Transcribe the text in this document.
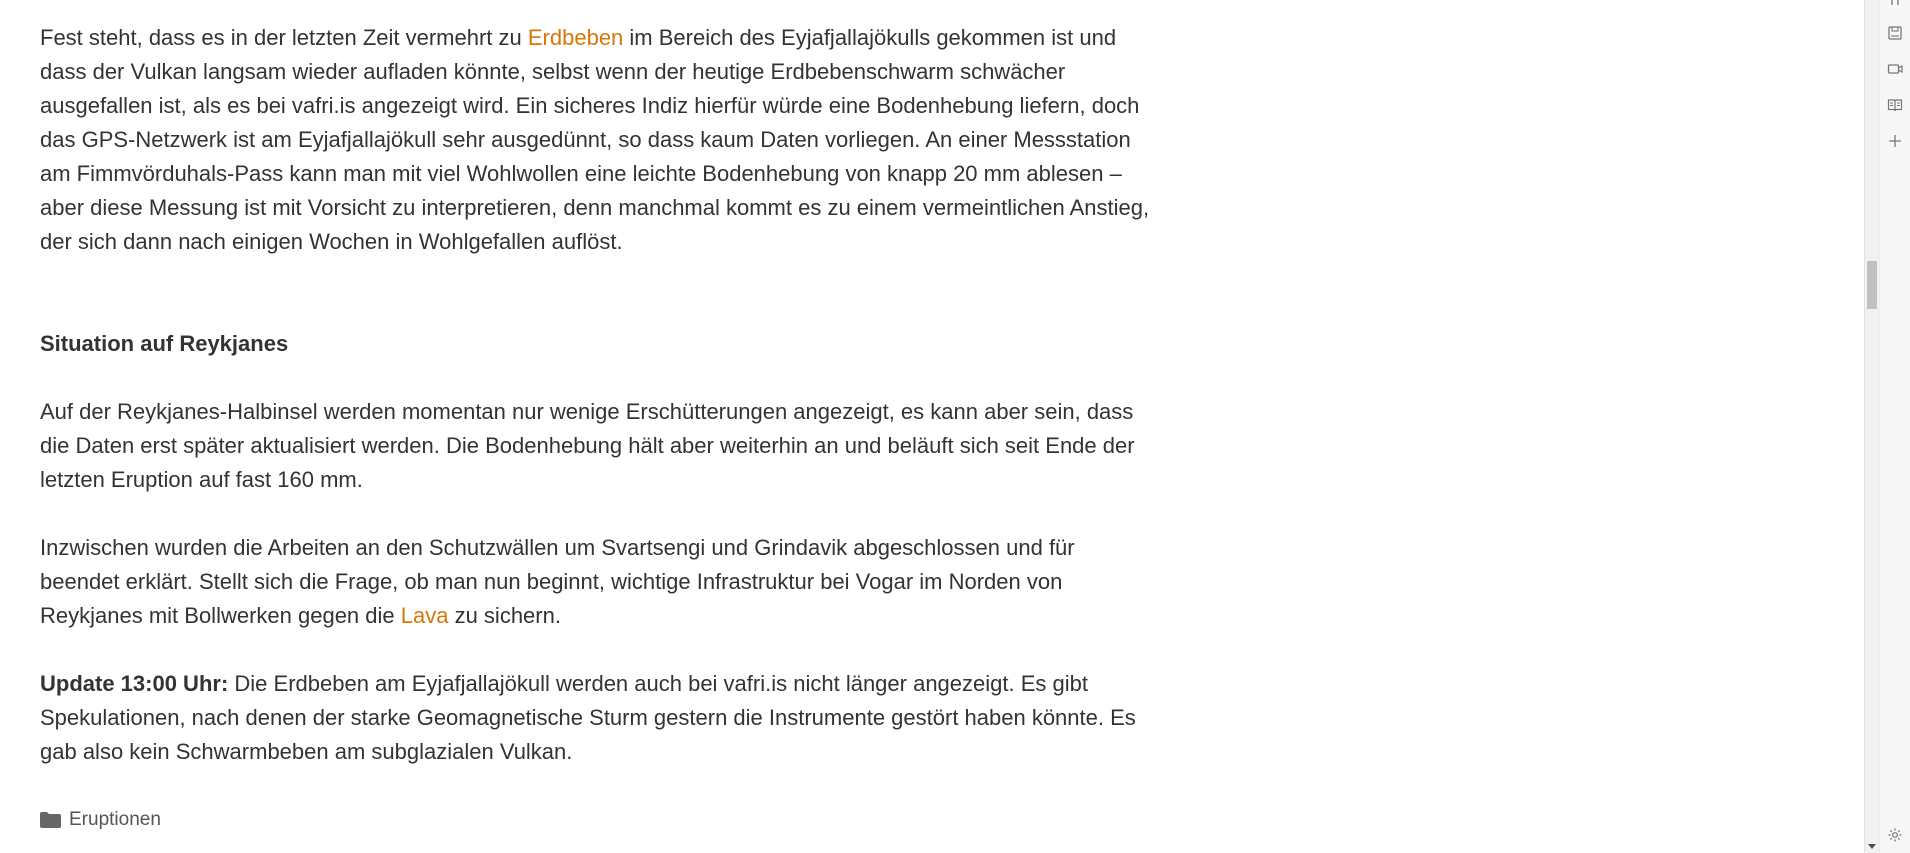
Fest steht, dass es in der letzten Zeit vermehrt zu Erdbeben im Bereich des Eyjafjallajökulls gekommen ist und dass der Vulkan langsam wieder aufladen könnte, selbst wenn der heutige Erdbebenschwarm schwächer ausgefallen ist, als es bei vafri.is angezeigt wird. Ein sicheres Indiz hierfür würde eine Bodenhebung liefern, doch das GPS-Netzwerk ist am Eyjafjallajökull sehr ausgedünnt, so dass kaum Daten vorliegen. An einer Messstation am Fimmvörduhals-Pass kann man mit viel Wohlwollen eine leichte Bodenhebung von knapp 20 mm ablesen – aber diese Messung ist mit Vorsicht zu interpretieren, denn manchmal kommt es zu einem vermeintlichen Anstieg, der sich dann nach einigen Wochen in Wohlgefallen auflöst.

Situation auf Reykjanes

Auf der Reykjanes-Halbinsel werden momentan nur wenige Erschütterungen angezeigt, es kann aber sein, dass die Daten erst später aktualisiert werden. Die Bodenhebung hält aber weiterhin an und beläuft sich seit Ende der letzten Eruption auf fast 160 mm.

Inzwischen wurden die Arbeiten an den Schutzwällen um Svartsengi und Grindavik abgeschlossen und für beendet erklärt. Stellt sich die Frage, ob man nun beginnt, wichtige Infrastruktur bei Vogar im Norden von Reykjanes mit Bollwerken gegen die Lava zu sichern.

Update 13:00 Uhr: Die Erdbeben am Eyjafjallajökull werden auch bei vafri.is nicht länger angezeigt. Es gibt Spekulationen, nach denen der starke Geomagnetische Sturm gestern die Instrumente gestört haben könnte. Es gab also kein Schwarmbeben am subglazialen Vulkan.

Eruptionen
